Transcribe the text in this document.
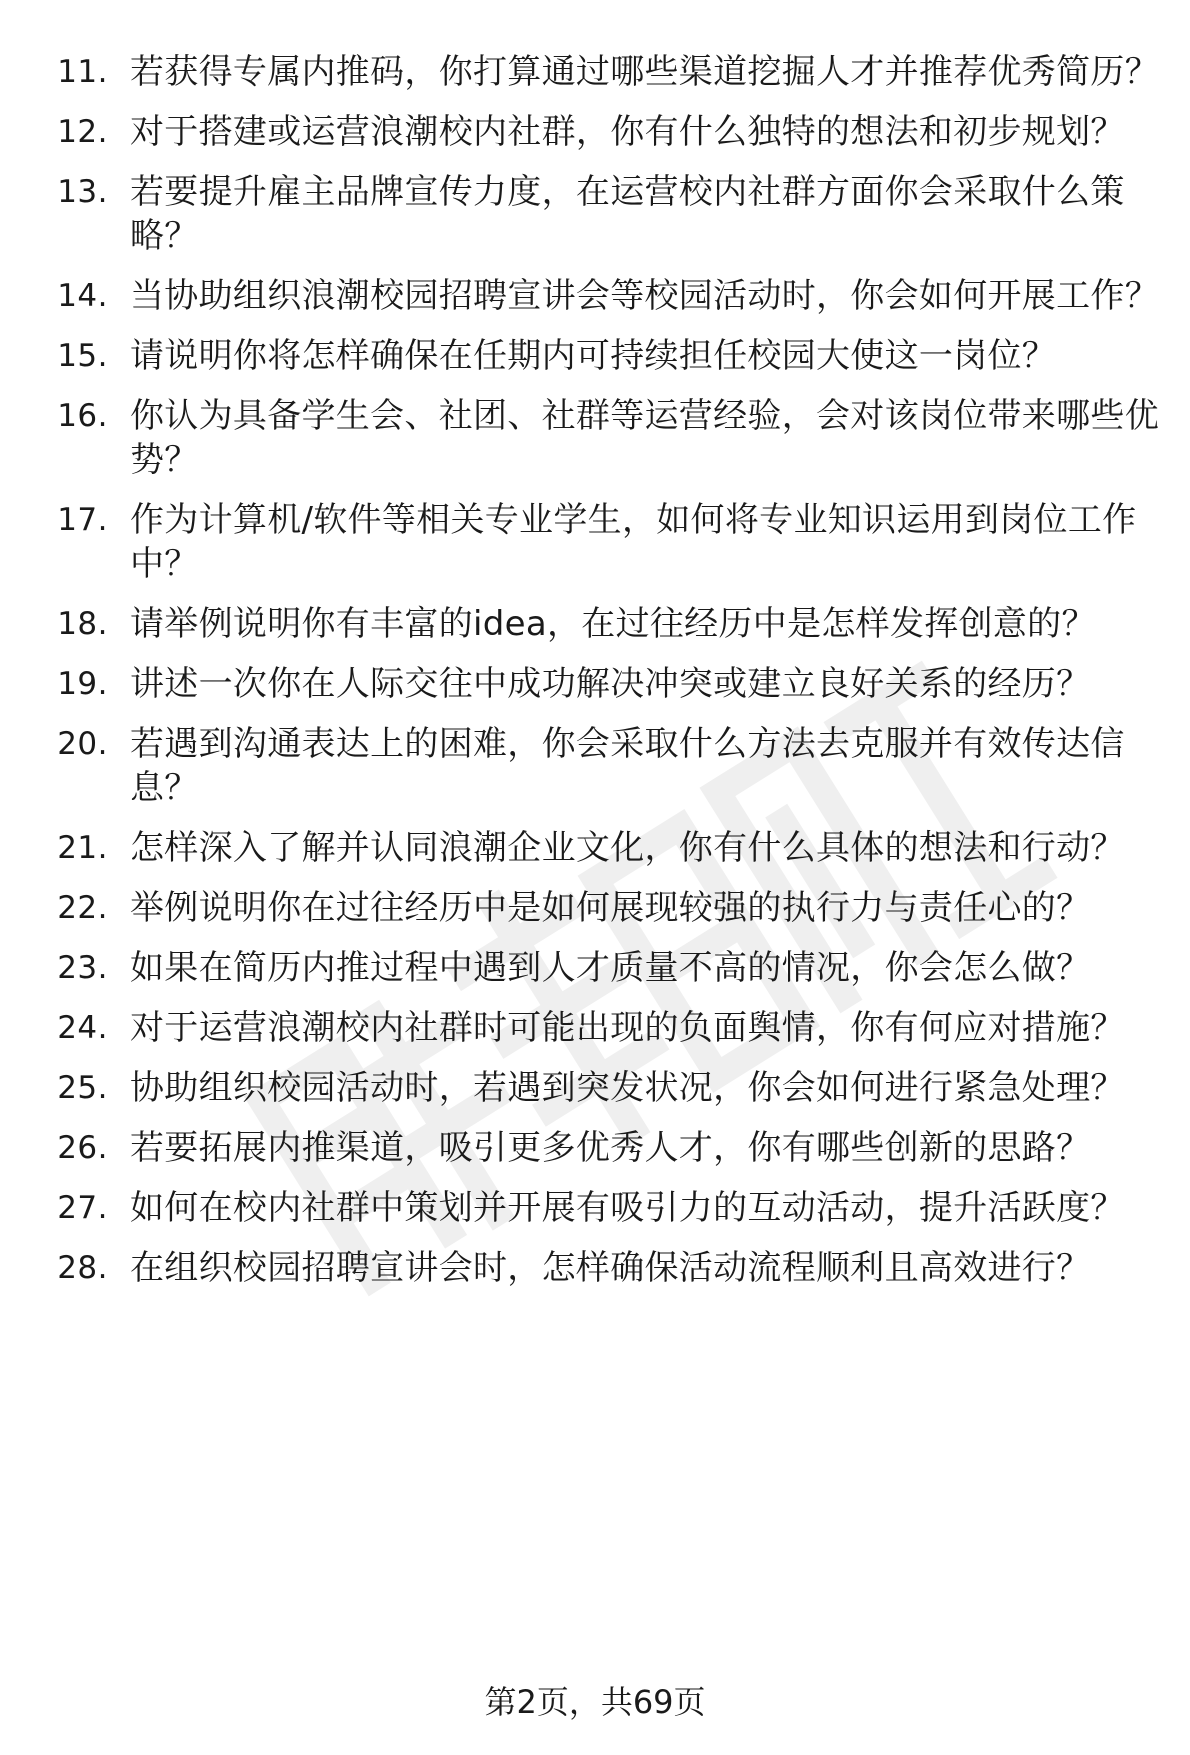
11. 若获得专属内推码，你打算通过哪些渠道挖掘人才并推荐优秀简历？
12. 对于搭建或运营浪潮校内社群，你有什么独特的想法和初步规划？
13. 若要提升雇主品牌宣传力度，在运营校内社群方面你会采取什么策略？
14. 当协助组织浪潮校园招聘宣讲会等校园活动时，你会如何开展工作？
15. 请说明你将怎样确保在任期内可持续担任校园大使这一岗位？
16. 你认为具备学生会、社团、社群等运营经验，会对该岗位带来哪些优势？
17. 作为计算机/软件等相关专业学生，如何将专业知识运用到岗位工作中？
18. 请举例说明你有丰富的idea，在过往经历中是怎样发挥创意的？
19. 讲述一次你在人际交往中成功解决冲突或建立良好关系的经历？
20. 若遇到沟通表达上的困难，你会采取什么方法去克服并有效传达信息？
21. 怎样深入了解并认同浪潮企业文化，你有什么具体的想法和行动？
22. 举例说明你在过往经历中是如何展现较强的执行力与责任心的？
23. 如果在简历内推过程中遇到人才质量不高的情况，你会怎么做？
24. 对于运营浪潮校内社群时可能出现的负面舆情，你有何应对措施？
25. 协助组织校园活动时，若遇到突发状况，你会如何进行紧急处理？
26. 若要拓展内推渠道，吸引更多优秀人才，你有哪些创新的思路？
27. 如何在校内社群中策划并开展有吸引力的互动活动，提升活跃度？
28. 在组织校园招聘宣讲会时，怎样确保活动流程顺利且高效进行？
第2页，共69页
